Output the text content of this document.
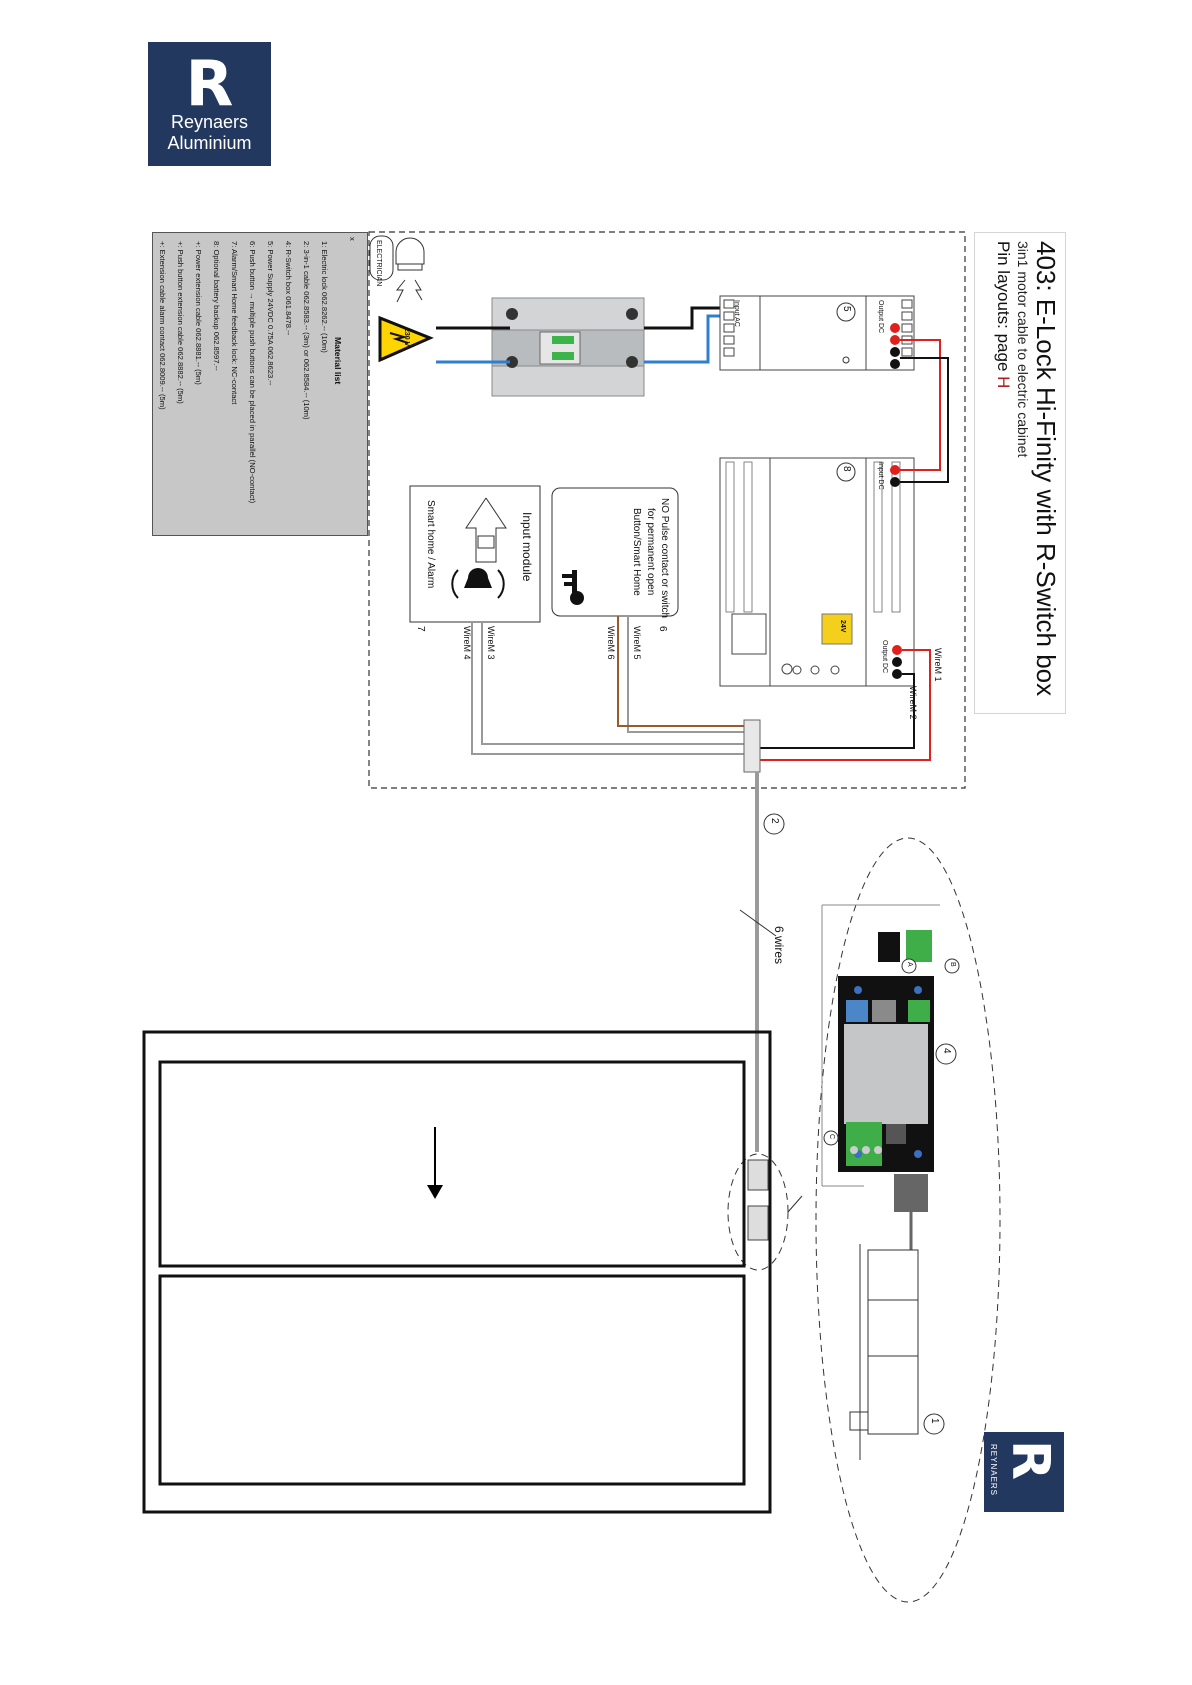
R
Reynaers
Aluminium
403: E-Lock Hi-Finity with R-Switch box
3in1 motor cable to electric cabinet
Pin layouts: page H
x
Material list
1: Electric lock 062.8262.-- (10m)
2: 3-in-1 cable 062.8583.-- (3m) or 062.8584.-- (10m)
4: R-Switch box 061.8478.--
5: Power Supply 24VDC 0.75A 062.8623.--
6: Push button → multiple push buttons can be placed in parallel (NO-contact)
7: Alarm/Smart Home feedback lock: NC-contact
8: Optional battery backup 062.8597.--
+: Power extension cable 062.8881.-- (5m)
+: Push button extension cable 062.8882.-- (5m)
+: Extension cable alarm contact 062.8009.-- (5m)	ELECTRICIAN
230 V
5
Input AC	Output DC
8	Input DC
Output DC
24V
NO Pulse contact or switch
for permanent open
Button/Smart Home
6
Input module
Smart home / Alarm
7
WireM 1
WireM 2
WireM 3
WireM 4	WireM 5
WireM 6
2
6 wires
4
1
A	B
C
R
REYNAERS
